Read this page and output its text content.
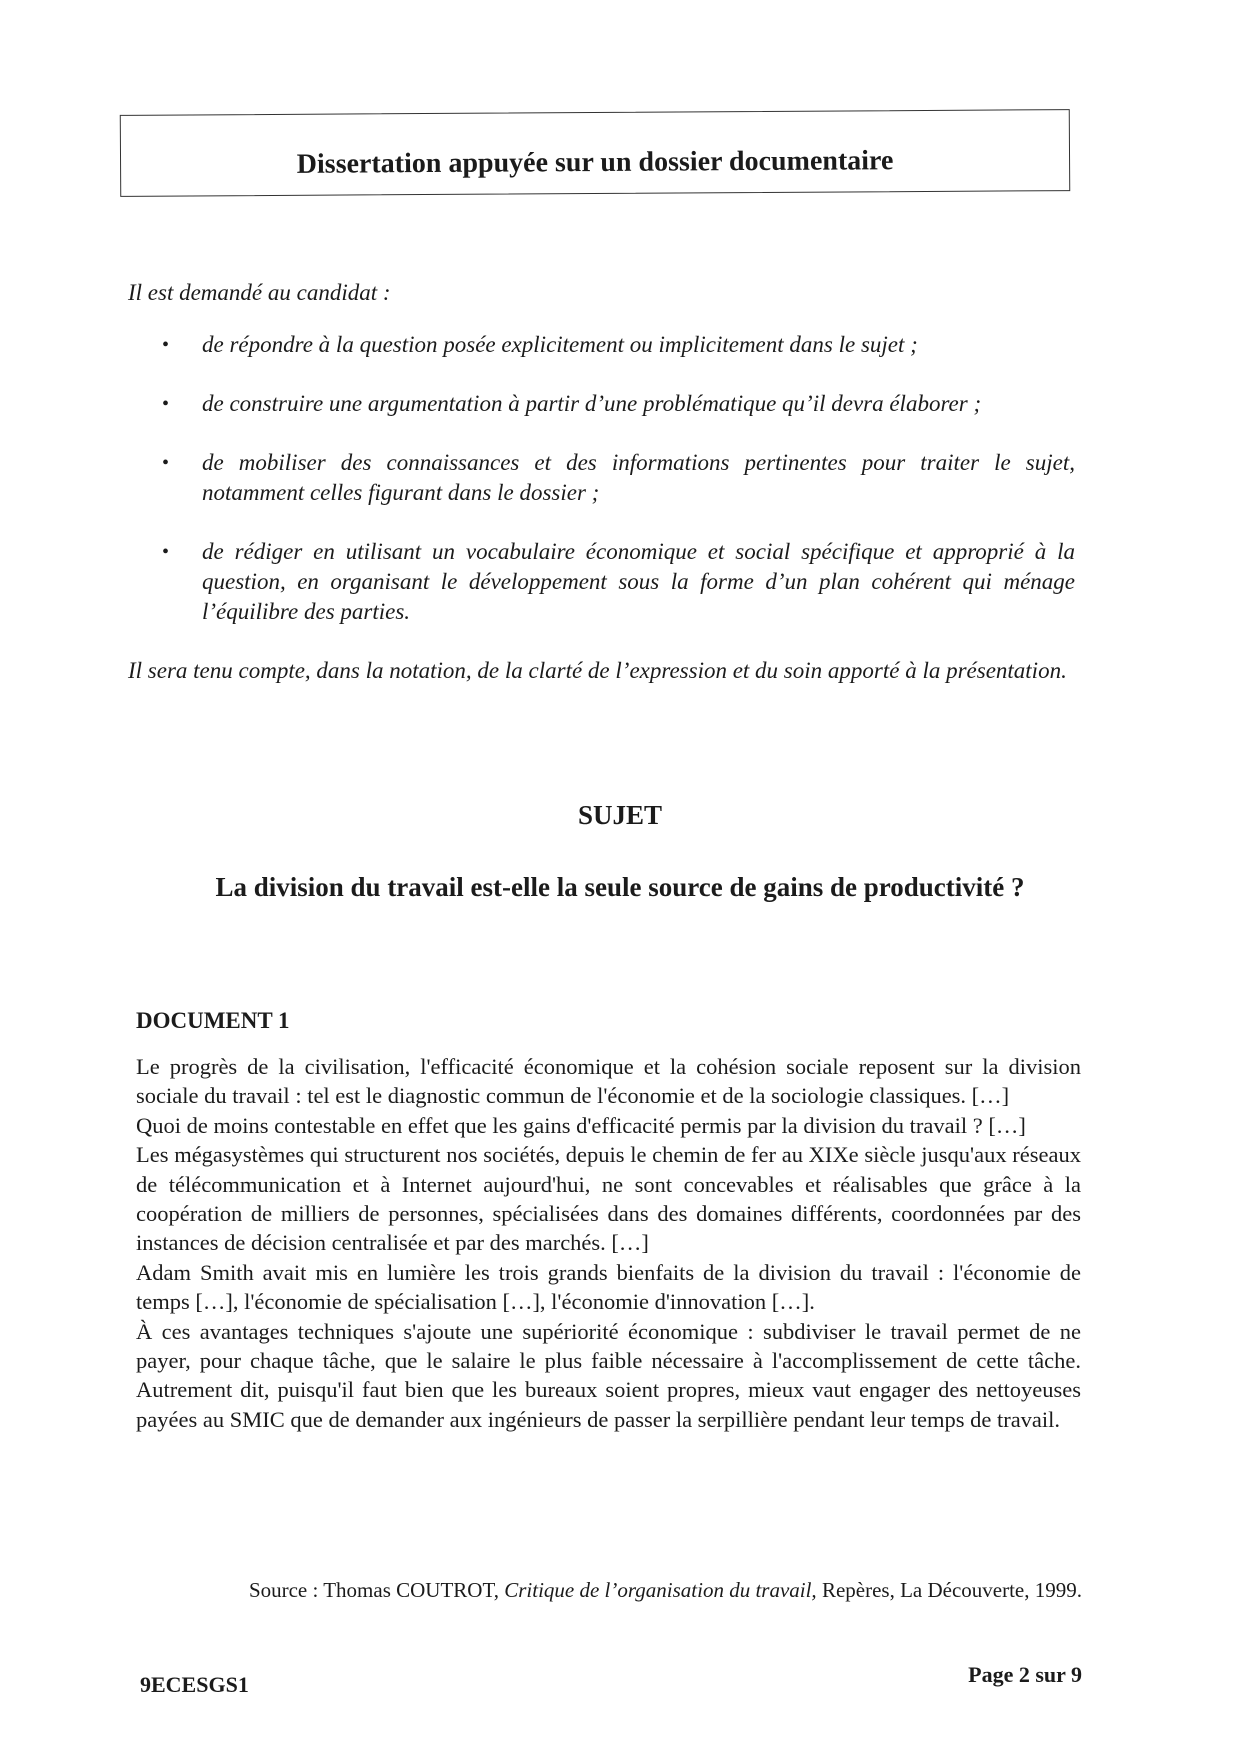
Dissertation appuyée sur un dossier documentaire
Il est demandé au candidat :
• de répondre à la question posée explicitement ou implicitement dans le sujet ;
• de construire une argumentation à partir d’une problématique qu’il devra élaborer ;
• de mobiliser des connaissances et des informations pertinentes pour traiter le sujet, notamment celles figurant dans le dossier ;
• de rédiger en utilisant un vocabulaire économique et social spécifique et approprié à la question, en organisant le développement sous la forme d’un plan cohérent qui ménage l’équilibre des parties.
Il sera tenu compte, dans la notation, de la clarté de l’expression et du soin apporté à la présentation.
SUJET
La division du travail est-elle la seule source de gains de productivité ?
DOCUMENT 1

Le progrès de la civilisation, l'efficacité économique et la cohésion sociale reposent sur la division sociale du travail : tel est le diagnostic commun de l'économie et de la sociologie classiques. […]

Quoi de moins contestable en effet que les gains d'efficacité permis par la division du travail ? […]

Les mégasystèmes qui structurent nos sociétés, depuis le chemin de fer au XIXe siècle jusqu'aux réseaux de télécommunication et à Internet aujourd'hui, ne sont concevables et réalisables que grâce à la coopération de milliers de personnes, spécialisées dans des domaines différents, coordonnées par des instances de décision centralisée et par des marchés. […]

Adam Smith avait mis en lumière les trois grands bienfaits de la division du travail : l'économie de temps […], l'économie de spécialisation […], l'économie d'innovation […].

À ces avantages techniques s'ajoute une supériorité économique : subdiviser le travail permet de ne payer, pour chaque tâche, que le salaire le plus faible nécessaire à l'accomplissement de cette tâche. Autrement dit, puisqu'il faut bien que les bureaux soient propres, mieux vaut engager des nettoyeuses payées au SMIC que de demander aux ingénieurs de passer la serpillière pendant leur temps de travail.

Source : Thomas COUTROT, Critique de l’organisation du travail, Repères, La Découverte, 1999.
9ECESGS1	Page 2 sur 9
